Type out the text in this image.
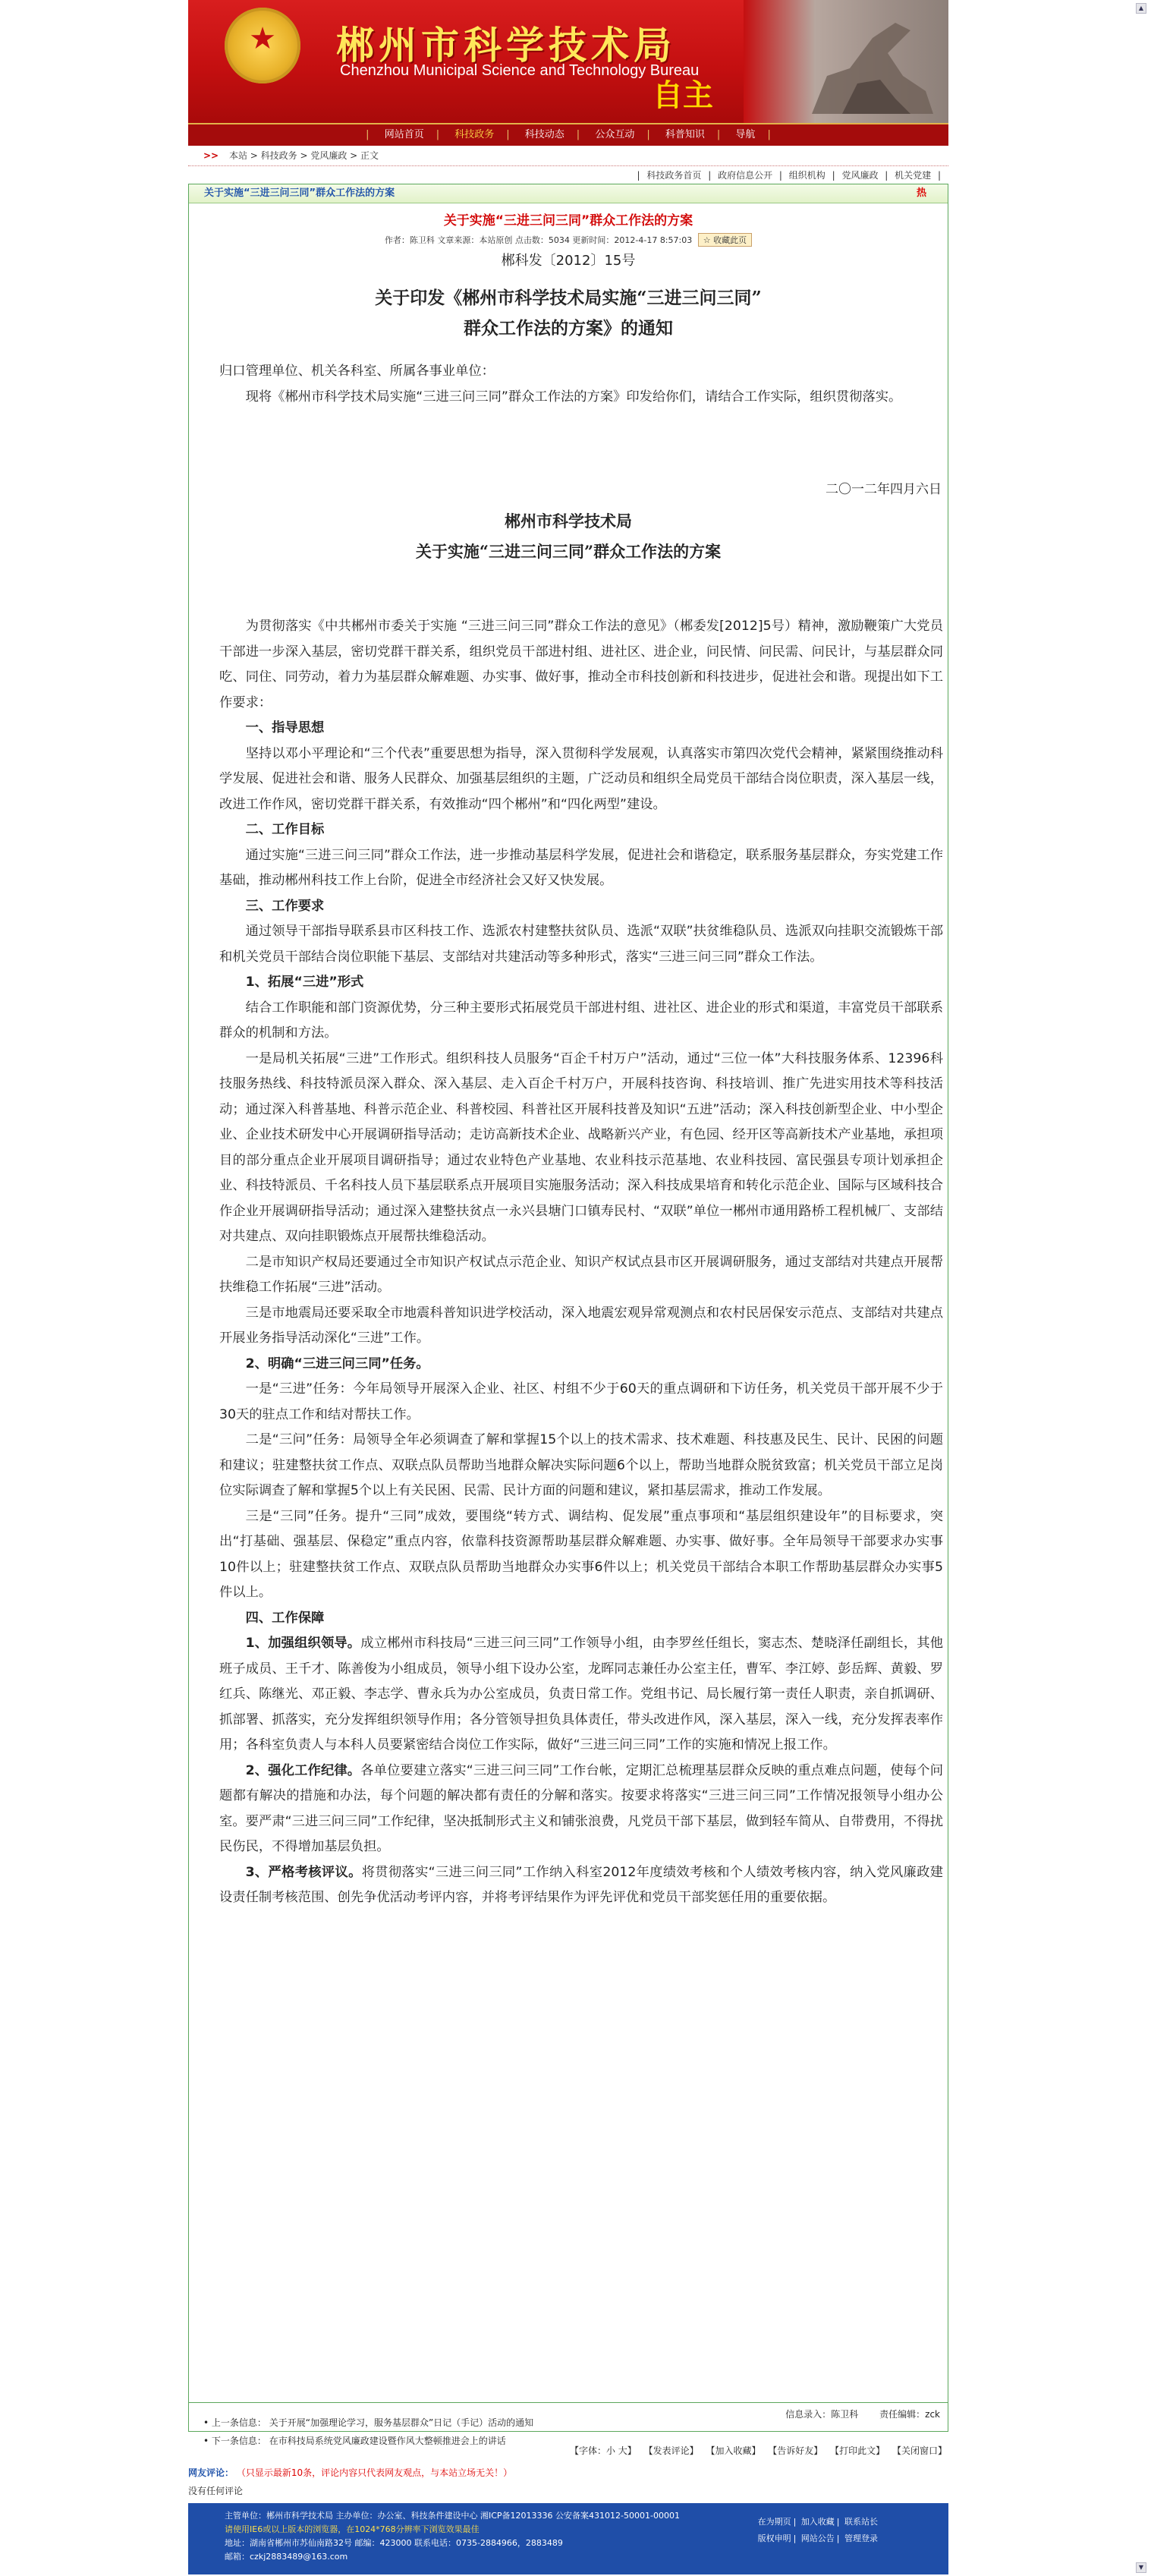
▲
★	郴州市科学技术局
Chenzhou Municipal Science and Technology Bureau
自主
| 网站首页 | 科技政务 | 科技动态 | 公众互动 | 科普知识 | 导航 |
>> 本站 > 科技政务 > 党风廉政 > 正文
| 科技政务首页 | 政府信息公开 | 组织机构 | 党风廉政 | 机关党建 |
关于实施“三进三问三同”群众工作法的方案	热
关于实施“三进三问三同”群众工作法的方案
作者：陈卫科 文章来源：本站原创 点击数：5034 更新时间：2012-4-17 8:57:03 ☆ 收藏此页
郴科发〔2012〕15号
关于印发《郴州市科学技术局实施“三进三问三同”
群众工作法的方案》的通知

归口管理单位、机关各科室、所属各事业单位：

现将《郴州市科学技术局实施“三进三问三同”群众工作法的方案》印发给你们，请结合工作实际，组织贯彻落实。

二〇一二年四月六日
郴州市科学技术局
关于实施“三进三问三同”群众工作法的方案

为贯彻落实《中共郴州市委关于实施 “三进三问三同”群众工作法的意见》（郴委发[2012]5号）精神，激励鞭策广大党员干部进一步深入基层，密切党群干群关系，组织党员干部进村组、进社区、进企业，问民情、问民需、问民计，与基层群众同吃、同住、同劳动，着力为基层群众解难题、办实事、做好事，推动全市科技创新和科技进步，促进社会和谐。现提出如下工作要求：

一、指导思想

坚持以邓小平理论和“三个代表”重要思想为指导，深入贯彻科学发展观，认真落实市第四次党代会精神，紧紧围绕推动科学发展、促进社会和谐、服务人民群众、加强基层组织的主题，广泛动员和组织全局党员干部结合岗位职责，深入基层一线，改进工作作风，密切党群干群关系，有效推动“四个郴州”和“四化两型”建设。

二、工作目标

通过实施“三进三问三同”群众工作法，进一步推动基层科学发展，促进社会和谐稳定，联系服务基层群众，夯实党建工作基础，推动郴州科技工作上台阶，促进全市经济社会又好又快发展。

三、工作要求

通过领导干部指导联系县市区科技工作、选派农村建整扶贫队员、选派“双联”扶贫维稳队员、选派双向挂职交流锻炼干部和机关党员干部结合岗位职能下基层、支部结对共建活动等多种形式，落实“三进三问三同”群众工作法。

1、拓展“三进”形式

结合工作职能和部门资源优势，分三种主要形式拓展党员干部进村组、进社区、进企业的形式和渠道，丰富党员干部联系群众的机制和方法。

一是局机关拓展“三进”工作形式。组织科技人员服务“百企千村万户”活动，通过“三位一体”大科技服务体系、12396科技服务热线、科技特派员深入群众、深入基层、走入百企千村万户，开展科技咨询、科技培训、推广先进实用技术等科技活动；通过深入科普基地、科普示范企业、科普校园、科普社区开展科技普及知识“五进”活动；深入科技创新型企业、中小型企业、企业技术研发中心开展调研指导活动；走访高新技术企业、战略新兴产业，有色园、经开区等高新技术产业基地，承担项目的部分重点企业开展项目调研指导；通过农业特色产业基地、农业科技示范基地、农业科技园、富民强县专项计划承担企业、科技特派员、千名科技人员下基层联系点开展项目实施服务活动；深入科技成果培育和转化示范企业、国际与区域科技合作企业开展调研指导活动；通过深入建整扶贫点一永兴县塘门口镇寿民村、“双联”单位一郴州市通用路桥工程机械厂、支部结对共建点、双向挂职锻炼点开展帮扶维稳活动。

二是市知识产权局还要通过全市知识产权试点示范企业、知识产权试点县市区开展调研服务，通过支部结对共建点开展帮扶维稳工作拓展“三进”活动。

三是市地震局还要采取全市地震科普知识进学校活动，深入地震宏观异常观测点和农村民居保安示范点、支部结对共建点开展业务指导活动深化“三进”工作。

2、明确“三进三问三同”任务。

一是“三进”任务：今年局领导开展深入企业、社区、村组不少于60天的重点调研和下访任务，机关党员干部开展不少于30天的驻点工作和结对帮扶工作。

二是“三问”任务：局领导全年必须调查了解和掌握15个以上的技术需求、技术难题、科技惠及民生、民计、民困的问题和建议；驻建整扶贫工作点、双联点队员帮助当地群众解决实际问题6个以上，帮助当地群众脱贫致富；机关党员干部立足岗位实际调查了解和掌握5个以上有关民困、民需、民计方面的问题和建议，紧扣基层需求，推动工作发展。

三是“三同”任务。提升“三同”成效，要围绕“转方式、调结构、促发展”重点事项和“基层组织建设年”的目标要求，突出“打基础、强基层、保稳定”重点内容，依靠科技资源帮助基层群众解难题、办实事、做好事。全年局领导干部要求办实事10件以上；驻建整扶贫工作点、双联点队员帮助当地群众办实事6件以上；机关党员干部结合本职工作帮助基层群众办实事5件以上。

四、工作保障

1、加强组织领导。成立郴州市科技局“三进三问三同”工作领导小组，由李罗丝任组长，窦志杰、楚晓泽任副组长，其他班子成员、王千才、陈善俊为小组成员，领导小组下设办公室，龙晖同志兼任办公室主任，曹军、李江婷、彭岳辉、黄毅、罗红兵、陈继光、邓正毅、李志学、曹永兵为办公室成员，负责日常工作。党组书记、局长履行第一责任人职责，亲自抓调研、抓部署、抓落实，充分发挥组织领导作用；各分管领导担负具体责任，带头改进作风，深入基层，深入一线，充分发挥表率作用；各科室负责人与本科人员要紧密结合岗位工作实际，做好“三进三问三同”工作的实施和情况上报工作。

2、强化工作纪律。各单位要建立落实“三进三问三同”工作台帐，定期汇总梳理基层群众反映的重点难点问题，使每个问题都有解决的措施和办法，每个问题的解决都有责任的分解和落实。按要求将落实“三进三问三同”工作情况报领导小组办公室。要严肃“三进三问三同”工作纪律，坚决抵制形式主义和铺张浪费，凡党员干部下基层，做到轻车简从、自带费用，不得扰民伤民，不得增加基层负担。

3、严格考核评议。将贯彻落实“三进三问三同”工作纳入科室2012年度绩效考核和个人绩效考核内容，纳入党风廉政建设责任制考核范围、创先争优活动考评内容，并将考评结果作为评先评优和党员干部奖惩任用的重要依据。

信息录入：陈卫科 责任编辑：zck
• 上一条信息： 关于开展“加强理论学习，服务基层群众”日记（手记）活动的通知
• 下一条信息： 在市科技局系统党风廉政建设暨作风大整顿推进会上的讲话
【字体：小 大】 【发表评论】 【加入收藏】 【告诉好友】 【打印此文】 【关闭窗口】
网友评论： （只显示最新10条，评论内容只代表网友观点，与本站立场无关！）
没有任何评论
主管单位：郴州市科学技术局 主办单位：办公室、科技条件建设中心 湘ICP备12013336 公安备案431012-50001-00001
请使用IE6或以上版本的浏览器，在1024*768分辨率下浏览效果最佳
地址：湖南省郴州市苏仙南路32号 邮编：423000 联系电话：0735-2884966，2883489
邮箱：czkj2883489@163.com
在为期页 | 加入收藏 | 联系站长
版权申明 | 网站公告 | 管理登录
▼
